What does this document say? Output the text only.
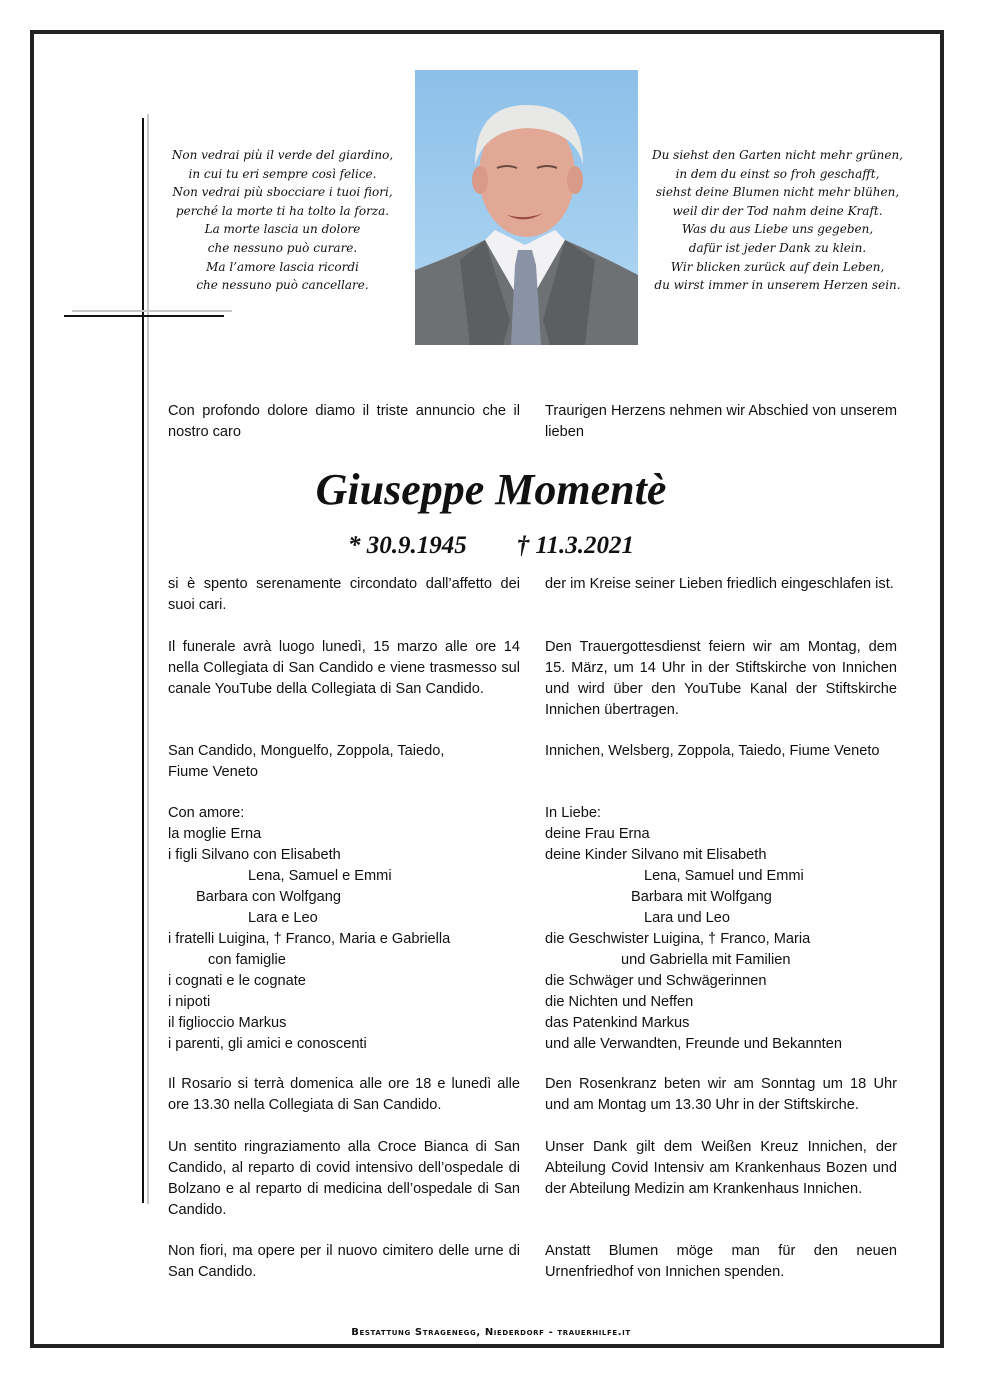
Non vedrai più il verde del giardino,
in cui tu eri sempre così felice.
Non vedrai più sbocciare i tuoi fiori,
perché la morte ti ha tolto la forza.
La morte lascia un dolore
che nessuno può curare.
Ma l’amore lascia ricordi
che nessuno può cancellare.
Du siehst den Garten nicht mehr grünen,
in dem du einst so froh geschafft,
siehst deine Blumen nicht mehr blühen,
weil dir der Tod nahm deine Kraft.
Was du aus Liebe uns gegeben,
dafür ist jeder Dank zu klein.
Wir blicken zurück auf dein Leben,
du wirst immer in unserem Herzen sein.
Con profondo dolore diamo il triste annuncio che il nostro caro
Traurigen Herzens nehmen wir Abschied von unserem lieben
Giuseppe Momentè
* 30.9.1945 † 11.3.2021
si è spento serenamente circondato dall’affetto dei suoi cari.
der im Kreise seiner Lieben friedlich eingeschlafen ist.
Il funerale avrà luogo lunedì, 15 marzo alle ore 14 nella Collegiata di San Candido e viene trasmesso sul canale YouTube della Collegiata di San Candido.
Den Trauergottesdienst feiern wir am Montag, dem 15. März, um 14 Uhr in der Stiftskirche von Innichen und wird über den YouTube Kanal der Stiftskirche Innichen übertragen.
San Candido, Monguelfo, Zoppola, Taiedo,
Fiume Veneto
Innichen, Welsberg, Zoppola, Taiedo, Fiume Veneto
Con amore:
la moglie Erna
i figli Silvano con Elisabeth
Lena, Samuel e Emmi
Barbara con Wolfgang
Lara e Leo
i fratelli Luigina, † Franco, Maria e Gabriella
con famiglie
i cognati e le cognate
i nipoti
il figlioccio Markus
i parenti, gli amici e conoscenti
In Liebe:
deine Frau Erna
deine Kinder Silvano mit Elisabeth
Lena, Samuel und Emmi
Barbara mit Wolfgang
Lara und Leo
die Geschwister Luigina, † Franco, Maria
und Gabriella mit Familien
die Schwäger und Schwägerinnen
die Nichten und Neffen
das Patenkind Markus
und alle Verwandten, Freunde und Bekannten
Il Rosario si terrà domenica alle ore 18 e lunedì alle ore 13.30 nella Collegiata di San Candido.
Den Rosenkranz beten wir am Sonntag um 18 Uhr und am Montag um 13.30 Uhr in der Stiftskirche.
Un sentito ringraziamento alla Croce Bianca di San Candido, al reparto di covid intensivo dell’ospedale di Bolzano e al reparto di medicina dell’ospedale di San Candido.
Unser Dank gilt dem Weißen Kreuz Innichen, der Abteilung Covid Intensiv am Krankenhaus Bozen und der Abteilung Medizin am Krankenhaus Innichen.
Non fiori, ma opere per il nuovo cimitero delle urne di San Candido.
Anstatt Blumen möge man für den neuen Urnenfriedhof von Innichen spenden.
Bestattung Stragenegg, Niederdorf - trauerhilfe.it
